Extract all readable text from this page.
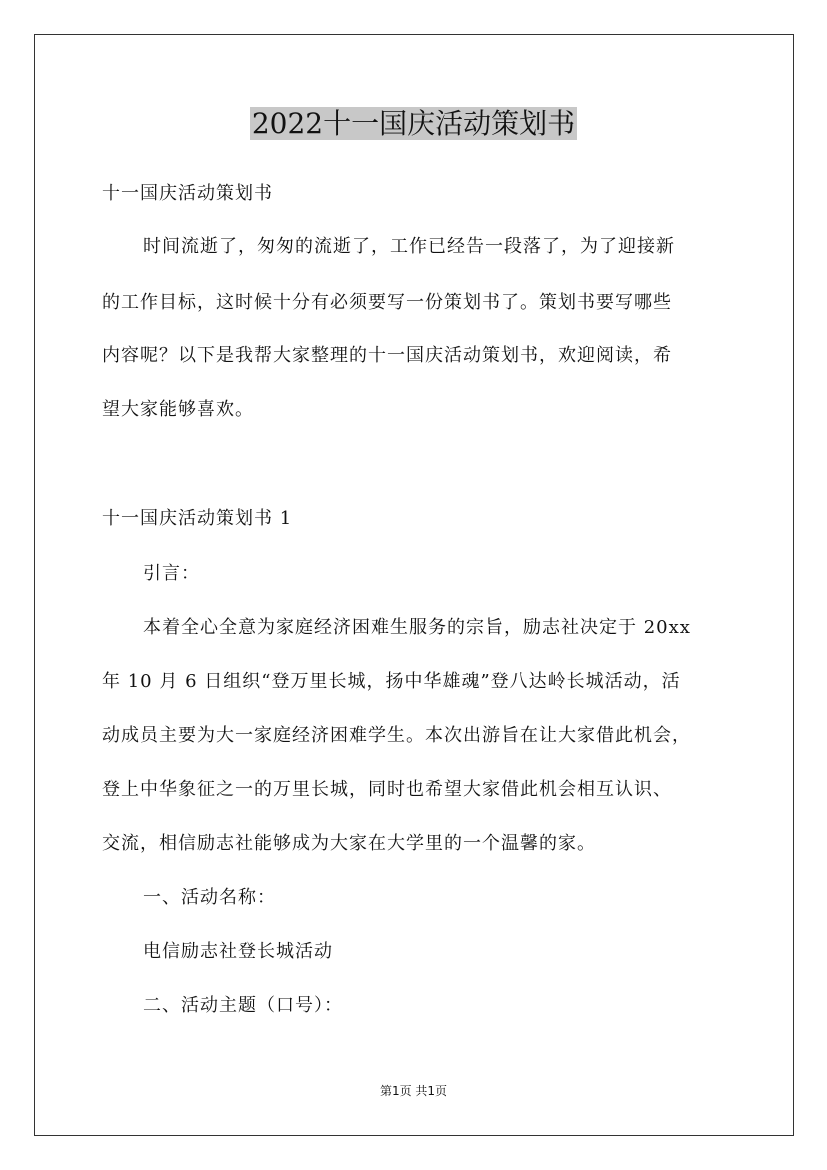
2022十一国庆活动策划书
十一国庆活动策划书
时间流逝了，匆匆的流逝了，工作已经告一段落了，为了迎接新
的工作目标，这时候十分有必须要写一份策划书了。策划书要写哪些
内容呢？以下是我帮大家整理的十一国庆活动策划书，欢迎阅读，希
望大家能够喜欢。
十一国庆活动策划书 1
引言：
本着全心全意为家庭经济困难生服务的宗旨，励志社决定于 20xx
年 10 月 6 日组织“登万里长城，扬中华雄魂”登八达岭长城活动，活
动成员主要为大一家庭经济困难学生。本次出游旨在让大家借此机会，
登上中华象征之一的万里长城，同时也希望大家借此机会相互认识、
交流，相信励志社能够成为大家在大学里的一个温馨的家。
一、活动名称：
电信励志社登长城活动
二、活动主题（口号）：
第1页 共1页
